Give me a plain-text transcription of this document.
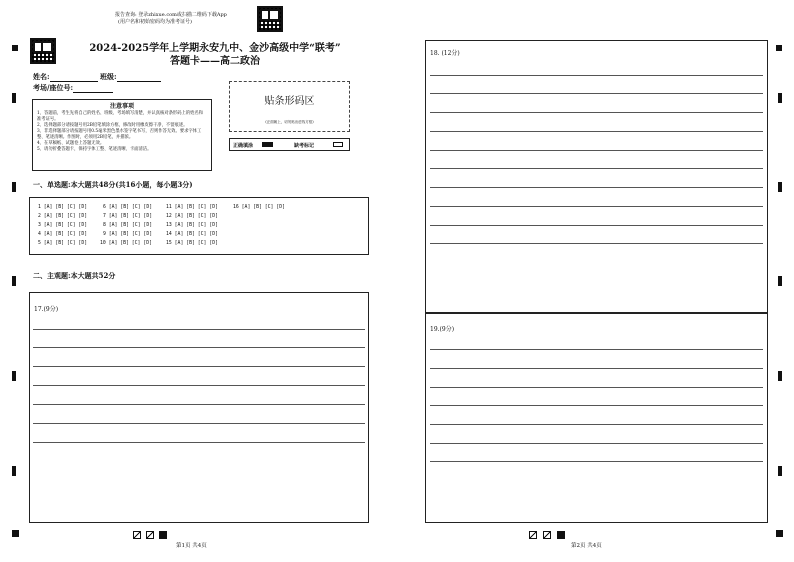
报告查询: 登录zhixue.com或扫描二维码下载App
(用户名和初始密码均为准考证号)
2024-2025学年上学期永安九中、金沙高级中学“联考”
答题卡——高二政治
姓名:	班级:
考场/座位号:
注意事项
1、答题前，考生先将自己的姓名、班级、考场填写清楚，并认真核对条形码上的姓名和准考证号。
2、选择题部分请按题号用2B铅笔填涂方框，修改时用橡皮擦干净，不留痕迹。
3、非选择题部分请按题号用0.5毫米黑色墨水签字笔书写，否则作答无效。要求字体工整、笔迹清晰。作图时，必须用2B铅笔，并描浓。
4、在草稿纸、试题卷上答题无效。
5、请勿折叠答题卡，保持字体工整、笔迹清晰、卡面清洁。
贴条形码区
(正面朝上，切勿贴出虚线方框)
正确填涂	缺考标记
一、单选题:本大题共48分(共16小题，每小题3分)
1 [A] [B] [C] [D]
2 [A] [B] [C] [D]
3 [A] [B] [C] [D]
4 [A] [B] [C] [D]
5 [A] [B] [C] [D]
6 [A] [B] [C] [D]
7 [A] [B] [C] [D]
8 [A] [B] [C] [D]
9 [A] [B] [C] [D]
10 [A] [B] [C] [D]
11 [A] [B] [C] [D]
12 [A] [B] [C] [D]
13 [A] [B] [C] [D]
14 [A] [B] [C] [D]
15 [A] [B] [C] [D]
16 [A] [B] [C] [D]
二、主观题:本大题共52分
17.(9分)
第1页 共4页
18. (12分)
19.(9分)
第2页 共4页
